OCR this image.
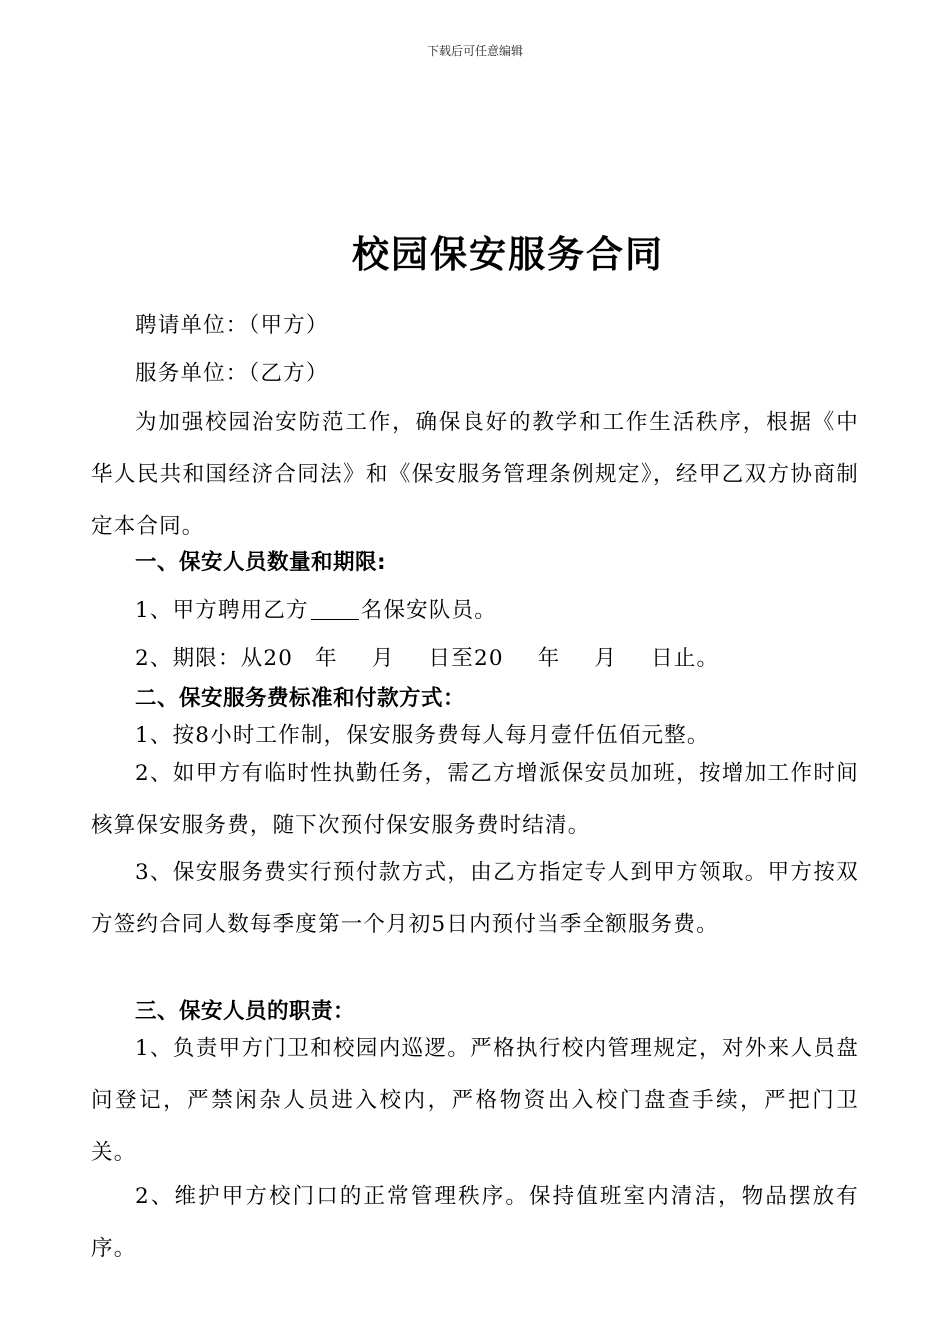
下载后可任意编辑
校园保安服务合同
聘请单位：（甲方）
服务单位：（乙方）
为加强校园治安防范工作，确保良好的教学和工作生活秩序，根据《中华人民共和国经济合同法》和《保安服务管理条例规定》，经甲乙双方协商制定本合同。
一、保安人员数量和期限:
1、甲方聘用乙方 名保安队员。
2、期限：从20 年 月 日至20 年 月 日止。
二、保安服务费标准和付款方式：
1、按8小时工作制，保安服务费每人每月壹仟伍佰元整。
2、如甲方有临时性执勤任务，需乙方增派保安员加班，按增加工作时间核算保安服务费，随下次预付保安服务费时结清。
3、保安服务费实行预付款方式，由乙方指定专人到甲方领取。甲方按双方签约合同人数每季度第一个月初5日内预付当季全额服务费。
三、保安人员的职责：
1、负责甲方门卫和校园内巡逻。严格执行校内管理规定，对外来人员盘问登记，严禁闲杂人员进入校内，严格物资出入校门盘查手续，严把门卫关。
2、维护甲方校门口的正常管理秩序。保持值班室内清洁，物品摆放有序。
